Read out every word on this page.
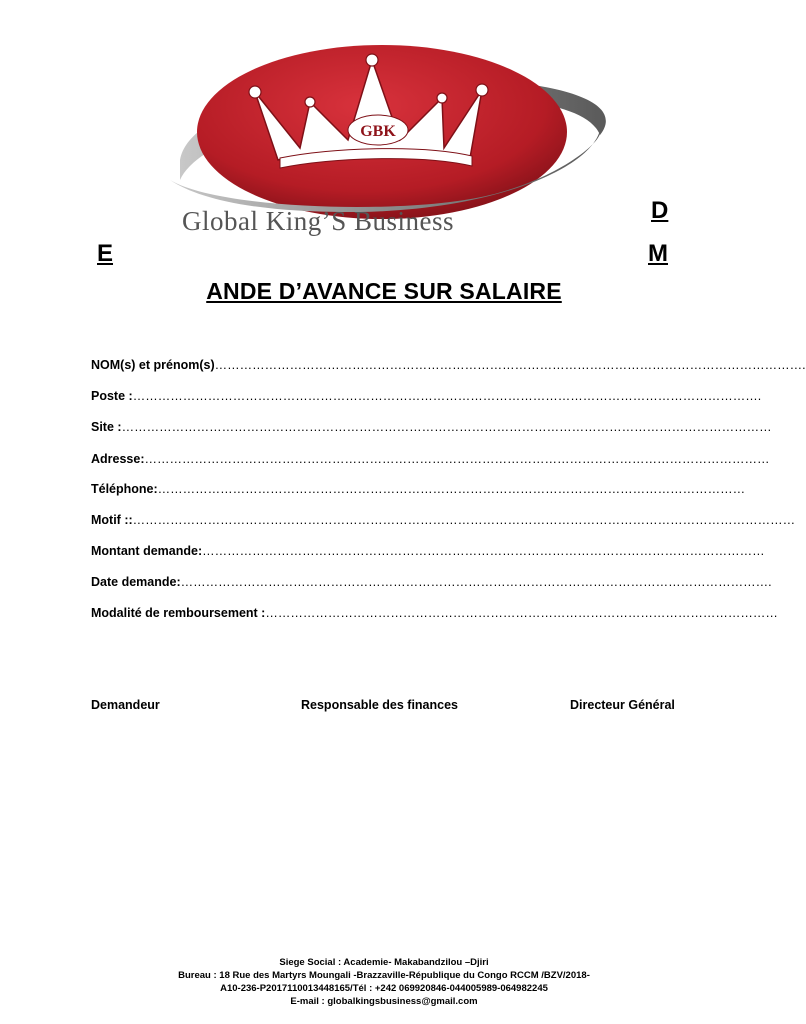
GBK
Global King’S Business
E
D
M
ANDE D’AVANCE SUR SALAIRE
NOM(s) et prénom(s)…………………………………………………………………………………………………………………………….
Poste :…………………………………………………………………………………………………………………………………….
Site :…………………………………………………………………………………………………………………………………………
Adresse:……………………………………………………………………………………………………………………………………
Téléphone:……………………………………………………………………………………………………………………………
Motif ::……………………………………………………………………………………………………………………………………………
Montant demande:………………………………………………………………………………………………………………………
Date demande:…………………………………………………………………………………………………………………………….
Modalité de remboursement :……………………………………………………………………………………………………………
Demandeur	Responsable des finances	Directeur Général
Siege Social : Academie- Makabandzilou –Djiri
Bureau : 18 Rue des Martyrs Moungali -Brazzaville-République du Congo RCCM /BZV/2018-
A10-236-P2017110013448165/Tél : +242 069920846-044005989-064982245
E-mail : globalkingsbusiness@gmail.com
